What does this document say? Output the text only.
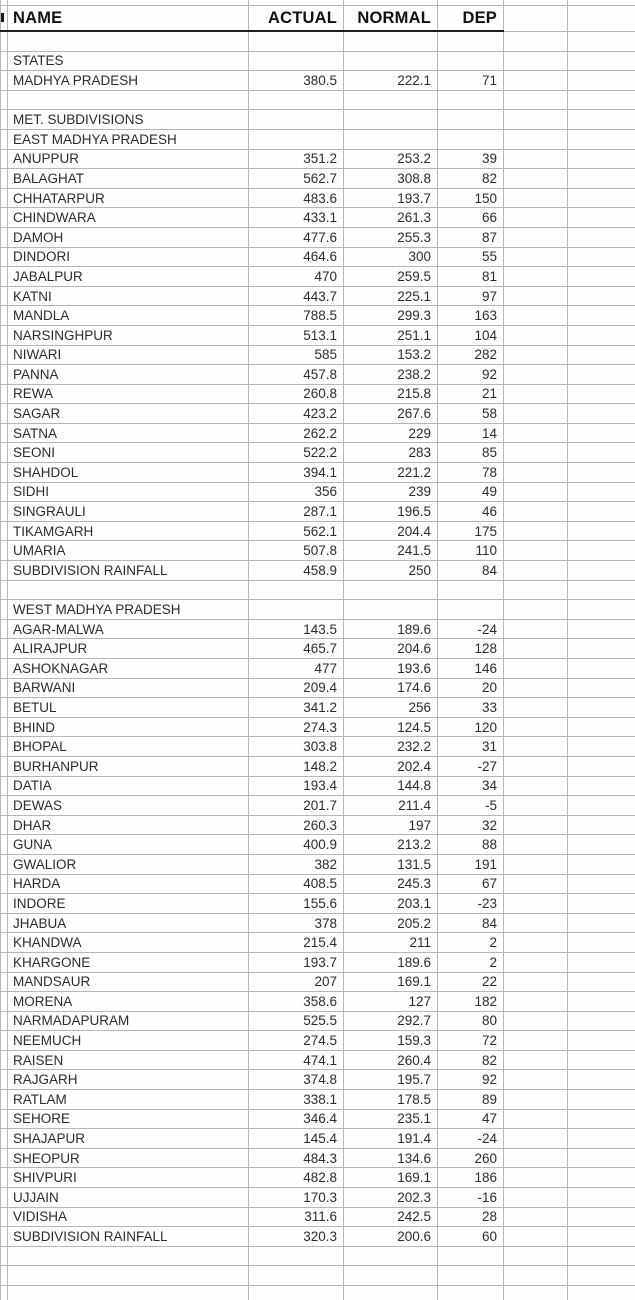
	NAME	ACTUAL	NORMAL	DEP		

	STATES					
	MADHYA PRADESH	380.5	222.1	71		

	MET. SUBDIVISIONS					
	EAST MADHYA PRADESH					
	ANUPPUR	351.2	253.2	39		
	BALAGHAT	562.7	308.8	82		
	CHHATARPUR	483.6	193.7	150		
	CHINDWARA	433.1	261.3	66		
	DAMOH	477.6	255.3	87		
	DINDORI	464.6	300	55		
	JABALPUR	470	259.5	81		
	KATNI	443.7	225.1	97		
	MANDLA	788.5	299.3	163		
	NARSINGHPUR	513.1	251.1	104		
	NIWARI	585	153.2	282		
	PANNA	457.8	238.2	92		
	REWA	260.8	215.8	21		
	SAGAR	423.2	267.6	58		
	SATNA	262.2	229	14		
	SEONI	522.2	283	85		
	SHAHDOL	394.1	221.2	78		
	SIDHI	356	239	49		
	SINGRAULI	287.1	196.5	46		
	TIKAMGARH	562.1	204.4	175		
	UMARIA	507.8	241.5	110		
	SUBDIVISION RAINFALL	458.9	250	84		

	WEST MADHYA PRADESH					
	AGAR-MALWA	143.5	189.6	-24		
	ALIRAJPUR	465.7	204.6	128		
	ASHOKNAGAR	477	193.6	146		
	BARWANI	209.4	174.6	20		
	BETUL	341.2	256	33		
	BHIND	274.3	124.5	120		
	BHOPAL	303.8	232.2	31		
	BURHANPUR	148.2	202.4	-27		
	DATIA	193.4	144.8	34		
	DEWAS	201.7	211.4	-5		
	DHAR	260.3	197	32		
	GUNA	400.9	213.2	88		
	GWALIOR	382	131.5	191		
	HARDA	408.5	245.3	67		
	INDORE	155.6	203.1	-23		
	JHABUA	378	205.2	84		
	KHANDWA	215.4	211	2		
	KHARGONE	193.7	189.6	2		
	MANDSAUR	207	169.1	22		
	MORENA	358.6	127	182		
	NARMADAPURAM	525.5	292.7	80		
	NEEMUCH	274.5	159.3	72		
	RAISEN	474.1	260.4	82		
	RAJGARH	374.8	195.7	92		
	RATLAM	338.1	178.5	89		
	SEHORE	346.4	235.1	47		
	SHAJAPUR	145.4	191.4	-24		
	SHEOPUR	484.3	134.6	260		
	SHIVPURI	482.8	169.1	186		
	UJJAIN	170.3	202.3	-16		
	VIDISHA	311.6	242.5	28		
	SUBDIVISION RAINFALL	320.3	200.6	60		
